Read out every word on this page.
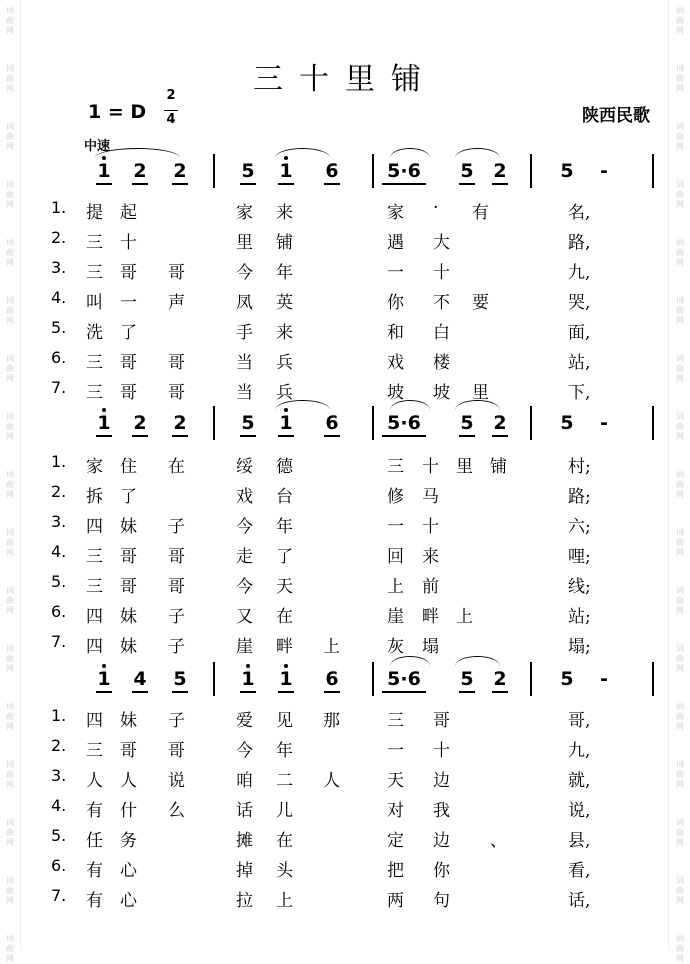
词
曲
网
词
曲
网
词
曲
网
词
曲
网
词
曲
网
词
曲
网
词
曲
网
词
曲
网
词
曲
网
词
曲
网
词
曲
网
词
曲
网
词
曲
网
词
曲
网
词
曲
网
词
曲
网
词
曲
网
词
曲
网
词
曲
网
词
曲
网
词
曲
网
词
曲
网
词
曲
网
词
曲
网
词
曲
网
词
曲
网
词
曲
网
词
曲
网
词
曲
网
词
曲
网
词
曲
网
词
曲
网
词
曲
网
词
曲
网
三十里铺
1 = D
2
4	陕西民歌
中速
1 2 2	5 1 6	5·6	5 2	5	-
1. 提 起	家 来	家 · 有	名,
2. 三 十	里 铺	遇 大	路,
3. 三 哥 哥	今 年	一 十	九,
4. 叫 一 声	凤 英	你 不 要	哭,
5. 洗 了	手 来	和 白	面,
6. 三 哥 哥	当 兵	戏 楼	站,
7. 三 哥 哥	当 兵	坡 坡 里	下,
1 2 2	5 1 6	5·6	5 2	5	-
1. 家 住 在	绥 德	三 十 里 铺	村;
2. 拆 了	戏 台	修 马	路;
3. 四 妹 子	今 年	一 十	六;
4. 三 哥 哥	走 了	回 来	哩;
5. 三 哥 哥	今 天	上 前	线;
6. 四 妹 子	又 在	崖 畔 上	站;
7. 四 妹 子	崖 畔 上	灰 塌	塌;
1 4 5	1 1 6	5·6	5 2	5	-
1. 四 妹 子	爱 见 那	三 哥	哥,
2. 三 哥 哥	今 年	一 十	九,
3. 人 人 说	咱 二 人	天 边	就,
4. 有 什 么	话 儿	对 我	说,
5. 任 务	摊 在	定 边 、	县,
6. 有 心	掉 头	把 你	看,
7. 有 心	拉 上	两 句	话,
